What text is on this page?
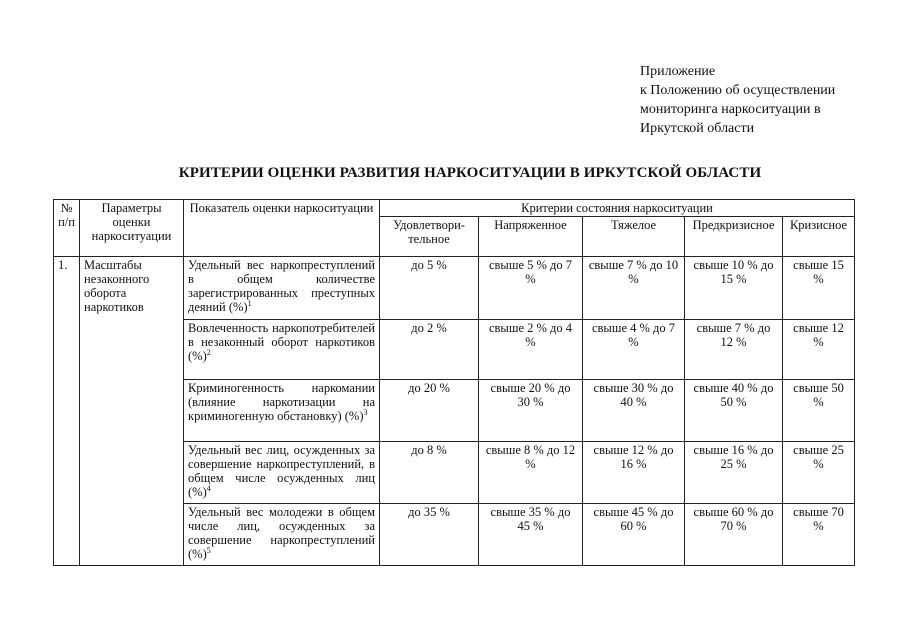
Приложение
к Положению об осуществлении
мониторинга наркоситуации в
Иркутской области
КРИТЕРИИ ОЦЕНКИ РАЗВИТИЯ НАРКОСИТУАЦИИ В ИРКУТСКОЙ ОБЛАСТИ
№ п/п	Параметры оценки наркоситуации	Показатель оценки наркоситуации	Критерии состояния наркоситуации				
			Удовлетвори-тельное	Напряженное	Тяжелое	Предкризисное	Кризисное
1.	Масштабы незаконного оборота наркотиков	Удельный вес наркопреступлений в общем количестве зарегистрированных преступных деяний (%)$^1$	до 5 %	свыше 5 % до 7 %	свыше 7 % до 10 %	свыше 10 % до 15 %	свыше 15 %
		Вовлеченность наркопотребителей в незаконный оборот наркотиков (%)$^2$	до 2 %	свыше 2 % до 4 %	свыше 4 % до 7 %	свыше 7 % до 12 %	свыше 12 %
		Криминогенность наркомании (влияние наркотизации на криминогенную обстановку) (%)$^3$	до 20 %	свыше 20 % до 30 %	свыше 30 % до 40 %	свыше 40 % до 50 %	свыше 50 %
		Удельный вес лиц, осужденных за совершение наркопреступлений, в общем числе осужденных лиц (%)$^4$	до 8 %	свыше 8 % до 12 %	свыше 12 % до 16 %	свыше 16 % до 25 %	свыше 25 %
		Удельный вес молодежи в общем числе лиц, осужденных за совершение наркопреступлений (%)$^5$	до 35 %	свыше 35 % до 45 %	свыше 45 % до 60 %	свыше 60 % до 70 %	свыше 70 %
